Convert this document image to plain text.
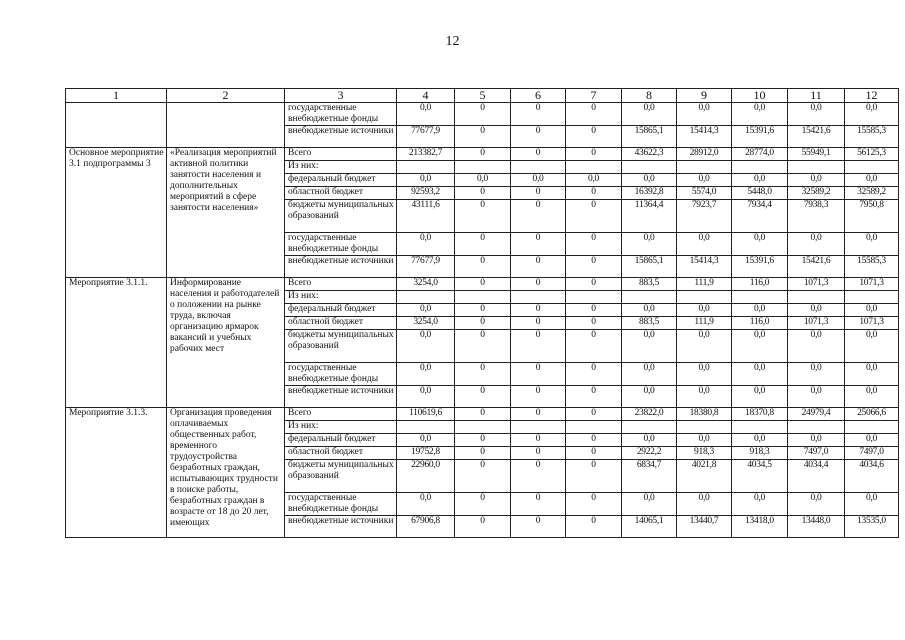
12
1	2	3	4	5	6	7	8	9	10	11	12
		государственные внебюджетные фонды	0,0	0	0	0	0,0	0,0	0,0	0,0	0,0
		внебюджетные источники	77677,9	0	0	0	15865,1	15414,3	15391,6	15421,6	15585,3
Основное мероприятие 3.1 подпрограммы 3	«Реализация мероприятий активной политики занятости населения и дополнительных мероприятий в сфере занятости населения»	Всего	213382,7	0	0	0	43622,3	28912,0	28774,0	55949,1	56125,3
		Из них:									
		федеральный бюджет	0,0	0,0	0,0	0,0	0,0	0,0	0,0	0,0	0,0
		областной бюджет	92593,2	0	0	0	16392,8	5574,0	5448,0	32589,2	32589,2
		бюджеты муниципальных образований	43111,6	0	0	0	11364,4	7923,7	7934,4	7938,3	7950,8
		государственные внебюджетные фонды	0,0	0	0	0	0,0	0,0	0,0	0,0	0,0
		внебюджетные источники	77677,9	0	0	0	15865,1	15414,3	15391,6	15421,6	15585,3
Мероприятие 3.1.1.	Информирование населения и работодателей о положении на рынке труда, включая организацию ярмарок вакансий и учебных рабочих мест	Всего	3254,0	0	0	0	883,5	111,9	116,0	1071,3	1071,3
		Из них:									
		федеральный бюджет	0,0	0	0	0	0,0	0,0	0,0	0,0	0,0
		областной бюджет	3254,0	0	0	0	883,5	111,9	116,0	1071,3	1071,3
		бюджеты муниципальных образований	0,0	0	0	0	0,0	0,0	0,0	0,0	0,0
		государственные внебюджетные фонды	0,0	0	0	0	0,0	0,0	0,0	0,0	0,0
		внебюджетные источники	0,0	0	0	0	0,0	0,0	0,0	0,0	0,0
Мероприятие 3.1.3.	Организация проведения оплачиваемых общественных работ, временного трудоустройства безработных граждан, испытывающих трудности в поиске работы, безработных граждан в возрасте от 18 до 20 лет, имеющих	Всего	110619,6	0	0	0	23822,0	18380,8	18370,8	24979,4	25066,6
		Из них:									
		федеральный бюджет	0,0	0	0	0	0,0	0,0	0,0	0,0	0,0
		областной бюджет	19752,8	0	0	0	2922,2	918,3	918,3	7497,0	7497,0
		бюджеты муниципальных образований	22960,0	0	0	0	6834,7	4021,8	4034,5	4034,4	4034,6
		государственные внебюджетные фонды	0,0	0	0	0	0,0	0,0	0,0	0,0	0,0
		внебюджетные источники	67906,8	0	0	0	14065,1	13440,7	13418,0	13448,0	13535,0
